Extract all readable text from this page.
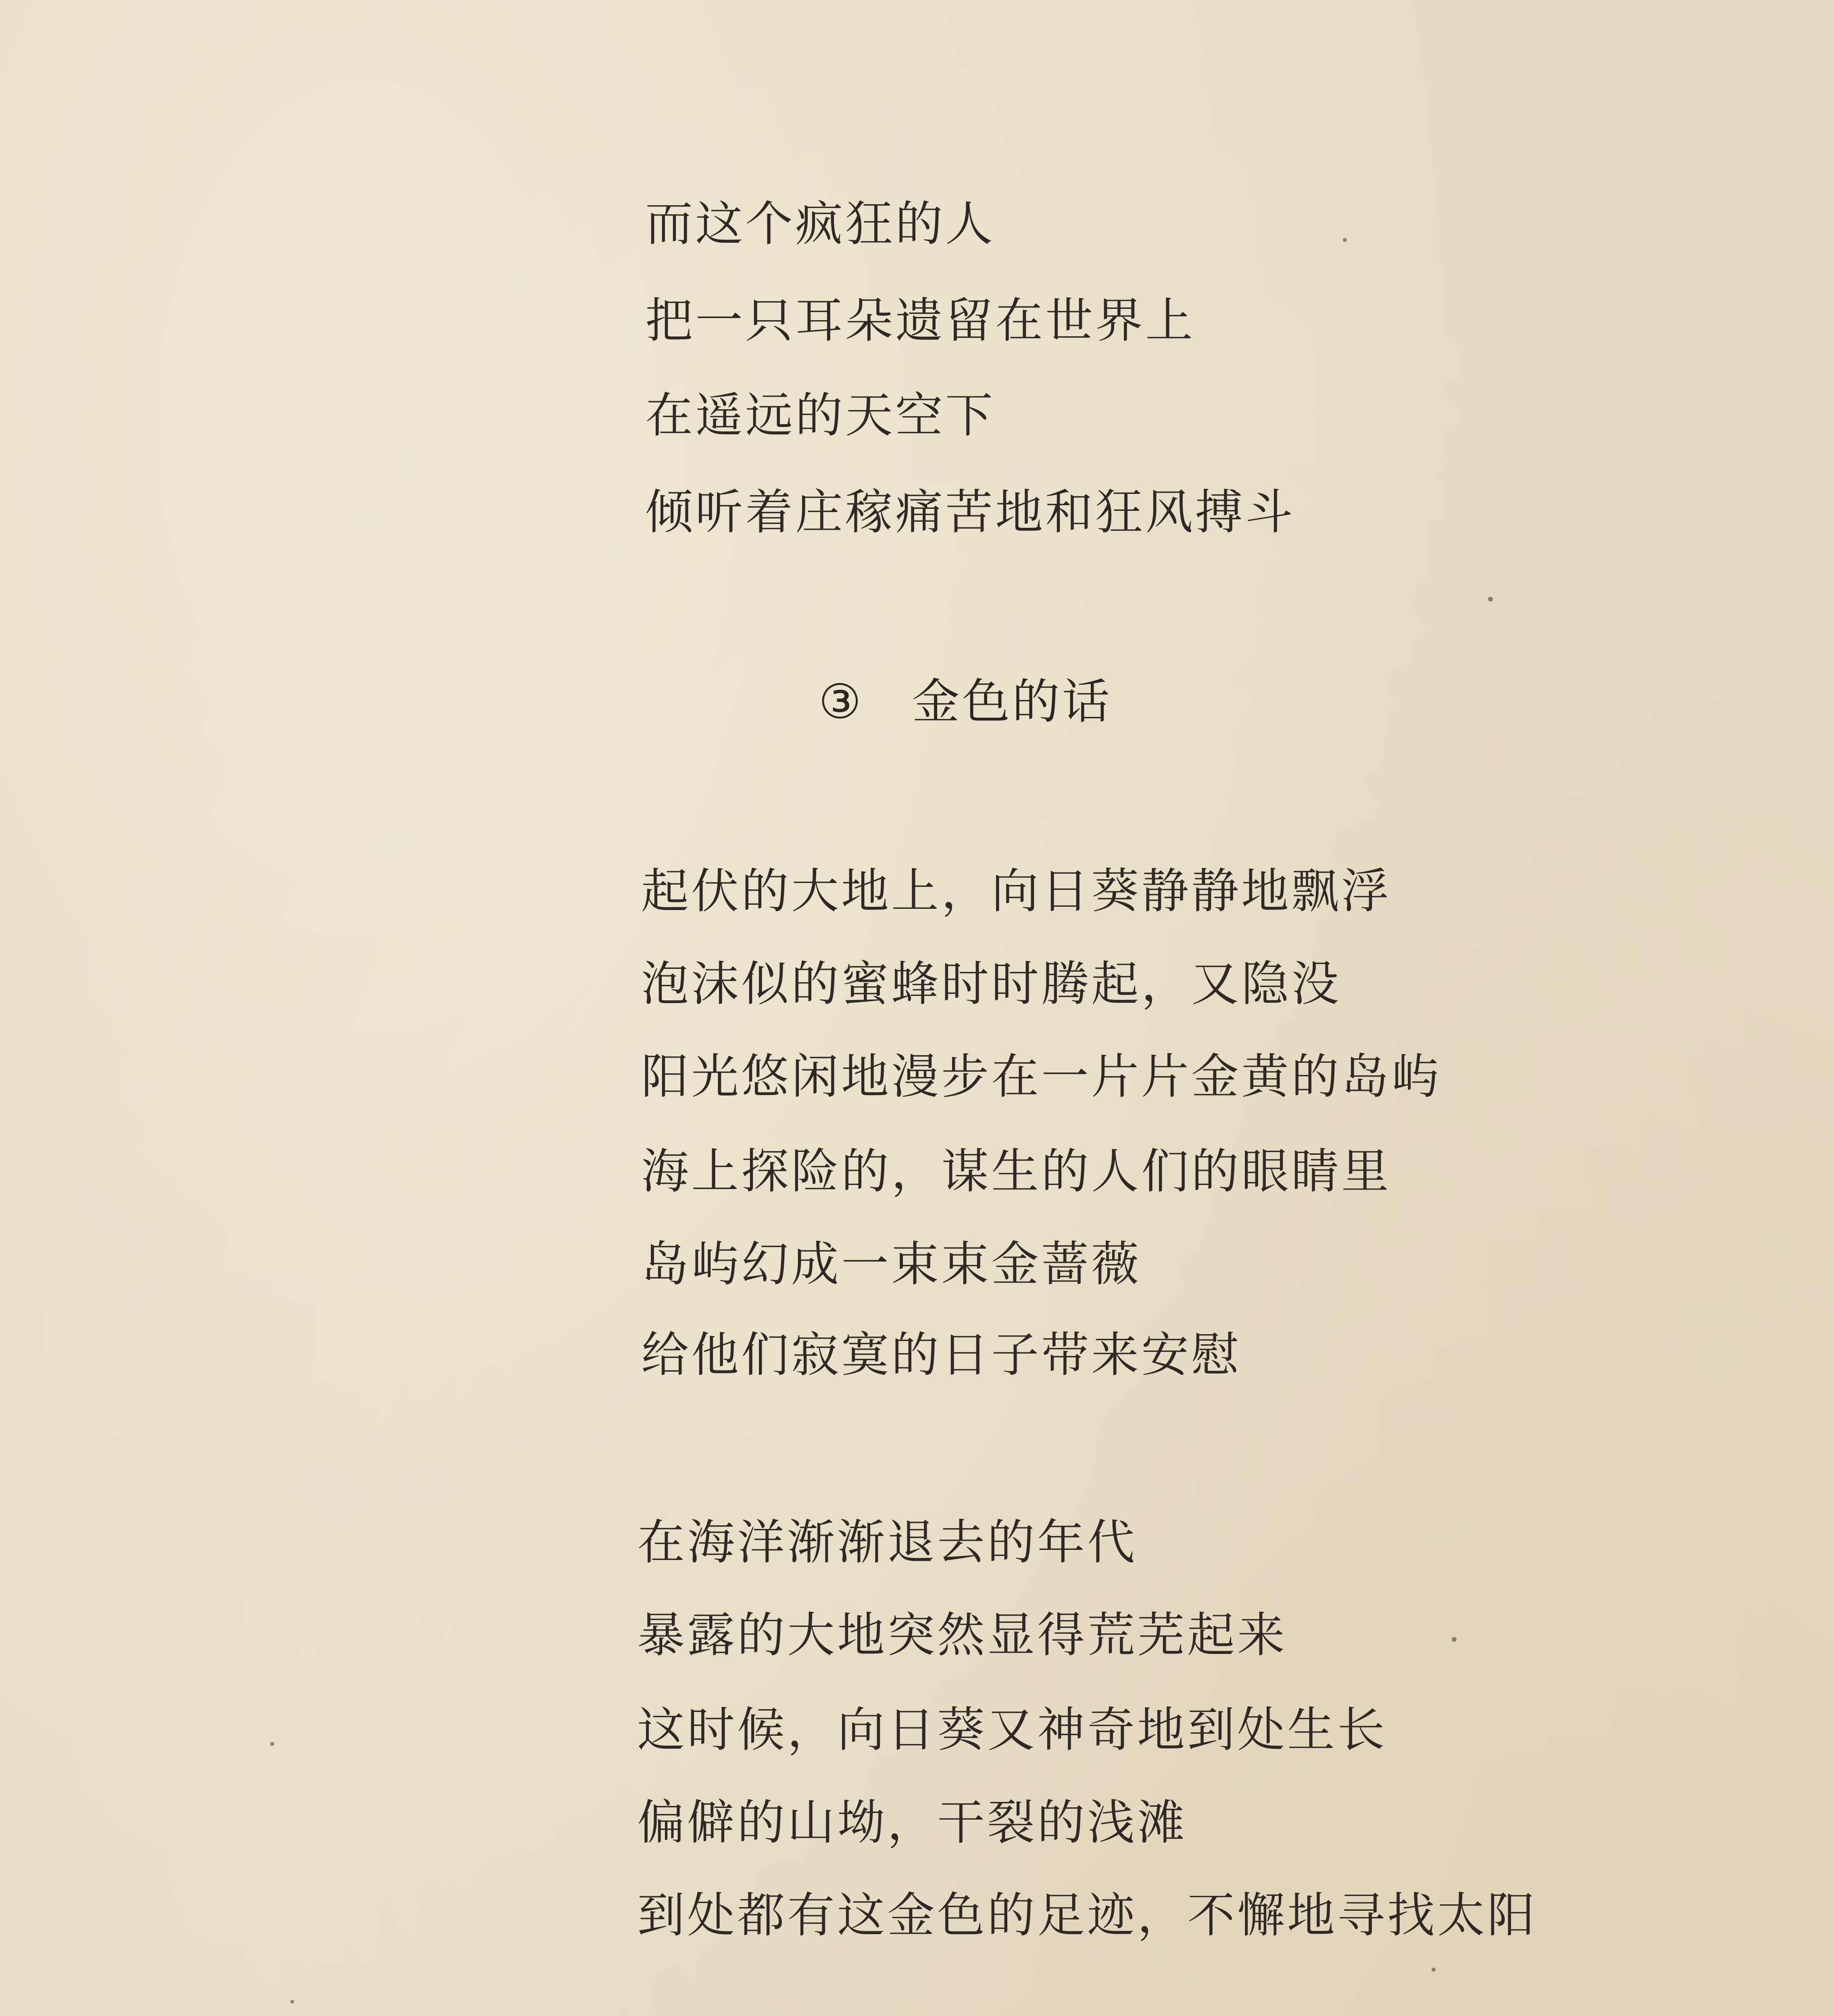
而这个疯狂的人
把一只耳朵遗留在世界上
在遥远的天空下
倾听着庄稼痛苦地和狂风搏斗
③ 金色的话
起伏的大地上，向日葵静静地飘浮
泡沫似的蜜蜂时时腾起，又隐没
阳光悠闲地漫步在一片片金黄的岛屿
海上探险的，谋生的人们的眼睛里
岛屿幻成一束束金蔷薇
给他们寂寞的日子带来安慰
在海洋渐渐退去的年代
暴露的大地突然显得荒芜起来
这时候，向日葵又神奇地到处生长
偏僻的山坳，干裂的浅滩
到处都有这金色的足迹，不懈地寻找太阳
